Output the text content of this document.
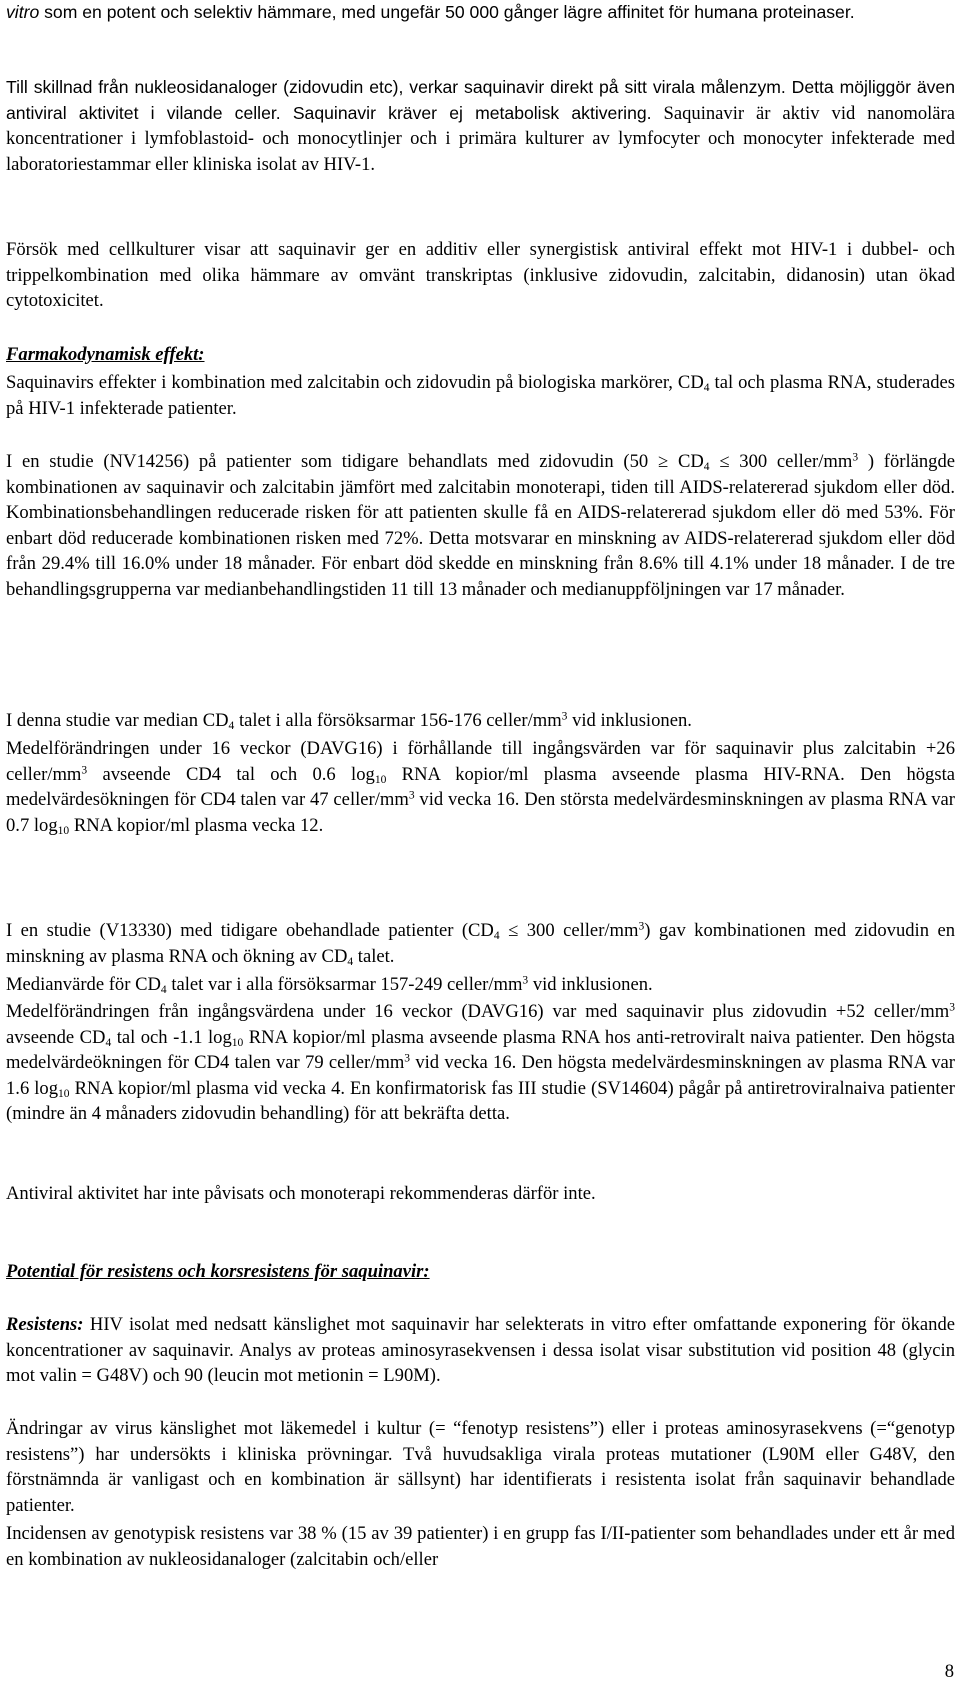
vitro som en potent och selektiv hämmare, med ungefär 50 000 gånger lägre affinitet för humana proteinaser.

Till skillnad från nukleosidanaloger (zidovudin etc), verkar saquinavir direkt på sitt virala målenzym. Detta möjliggör även antiviral aktivitet i vilande celler. Saquinavir kräver ej metabolisk aktivering. Saquinavir är aktiv vid nanomolära koncentrationer i lymfoblastoid- och monocytlinjer och i primära kulturer av lymfocyter och monocyter infekterade med laboratoriestammar eller kliniska isolat av HIV-1.

Försök med cellkulturer visar att saquinavir ger en additiv eller synergistisk antiviral effekt mot HIV-1 i dubbel- och trippelkombination med olika hämmare av omvänt transkriptas (inklusive zidovudin, zalcitabin, didanosin) utan ökad cytotoxicitet.

Farmakodynamisk effekt:

Saquinavirs effekter i kombination med zalcitabin och zidovudin på biologiska markörer, $CD_4$ tal och plasma RNA, studerades på HIV-1 infekterade patienter.

I en studie (NV14256) på patienter som tidigare behandlats med zidovudin ($50 \ge CD_4 \le 300$ celler/$mm^3$ ) förlängde kombinationen av saquinavir och zalcitabin jämfört med zalcitabin monoterapi, tiden till AIDS-relatererad sjukdom eller död. Kombinationsbehandlingen reducerade risken för att patienten skulle få en AIDS-relatererad sjukdom eller dö med 53%. För enbart död reducerade kombinationen risken med 72%. Detta motsvarar en minskning av AIDS-relatererad sjukdom eller död från 29.4% till 16.0% under 18 månader. För enbart död skedde en minskning från 8.6% till 4.1% under 18 månader. I de tre behandlingsgrupperna var medianbehandlingstiden 11 till 13 månader och medianuppföljningen var 17 månader.

I denna studie var median $CD_4$ talet i alla försöksarmar 156-176 celler/$mm^3$ vid inklusionen.

Medelförändringen under 16 veckor (DAVG16) i förhållande till ingångsvärden var för saquinavir plus zalcitabin +26 celler/$mm^3$ avseende CD4 tal och 0.6 $\log_{10}$ RNA kopior/ml plasma avseende plasma HIV-RNA. Den högsta medelvärdesökningen för CD4 talen var 47 celler/$mm^3$ vid vecka 16. Den största medelvärdesminskningen av plasma RNA var 0.7 $\log_{10}$ RNA kopior/ml plasma vecka 12.

I en studie (V13330) med tidigare obehandlade patienter ($CD_4 \le 300$ celler/$mm^3$) gav kombinationen med zidovudin en minskning av plasma RNA och ökning av $CD_4$ talet.

Medianvärde för $CD_4$ talet var i alla försöksarmar 157-249 celler/$mm^3$ vid inklusionen.

Medelförändringen från ingångsvärdena under 16 veckor (DAVG16) var med saquinavir plus zidovudin +52 celler/$mm^3$ avseende $CD_4$ tal och -1.1 $\log_{10}$ RNA kopior/ml plasma avseende plasma RNA hos anti-retroviralt naiva patienter. Den högsta medelvärdeökningen för CD4 talen var 79 celler/$mm^3$ vid vecka 16. Den högsta medelvärdesminskningen av plasma RNA var 1.6 $\log_{10}$ RNA kopior/ml plasma vid vecka 4. En konfirmatorisk fas III studie (SV14604) pågår på antiretroviralnaiva patienter (mindre än 4 månaders zidovudin behandling) för att bekräfta detta.

Antiviral aktivitet har inte påvisats och monoterapi rekommenderas därför inte.

Potential för resistens och korsresistens för saquinavir:

Resistens: HIV isolat med nedsatt känslighet mot saquinavir har selekterats in vitro efter omfattande exponering för ökande koncentrationer av saquinavir. Analys av proteas aminosyrasekvensen i dessa isolat visar substitution vid position 48 (glycin mot valin = G48V) och 90 (leucin mot metionin = L90M).

Ändringar av virus känslighet mot läkemedel i kultur (= “fenotyp resistens”) eller i proteas aminosyrasekvens (=“genotyp resistens”) har undersökts i kliniska prövningar. Två huvudsakliga virala proteas mutationer (L90M eller G48V, den förstnämnda är vanligast och en kombination är sällsynt) har identifierats i resistenta isolat från saquinavir behandlade patienter.

Incidensen av genotypisk resistens var 38 % (15 av 39 patienter) i en grupp fas I/II-patienter som behandlades under ett år med en kombination av nukleosidanaloger (zalcitabin och/eller

8
